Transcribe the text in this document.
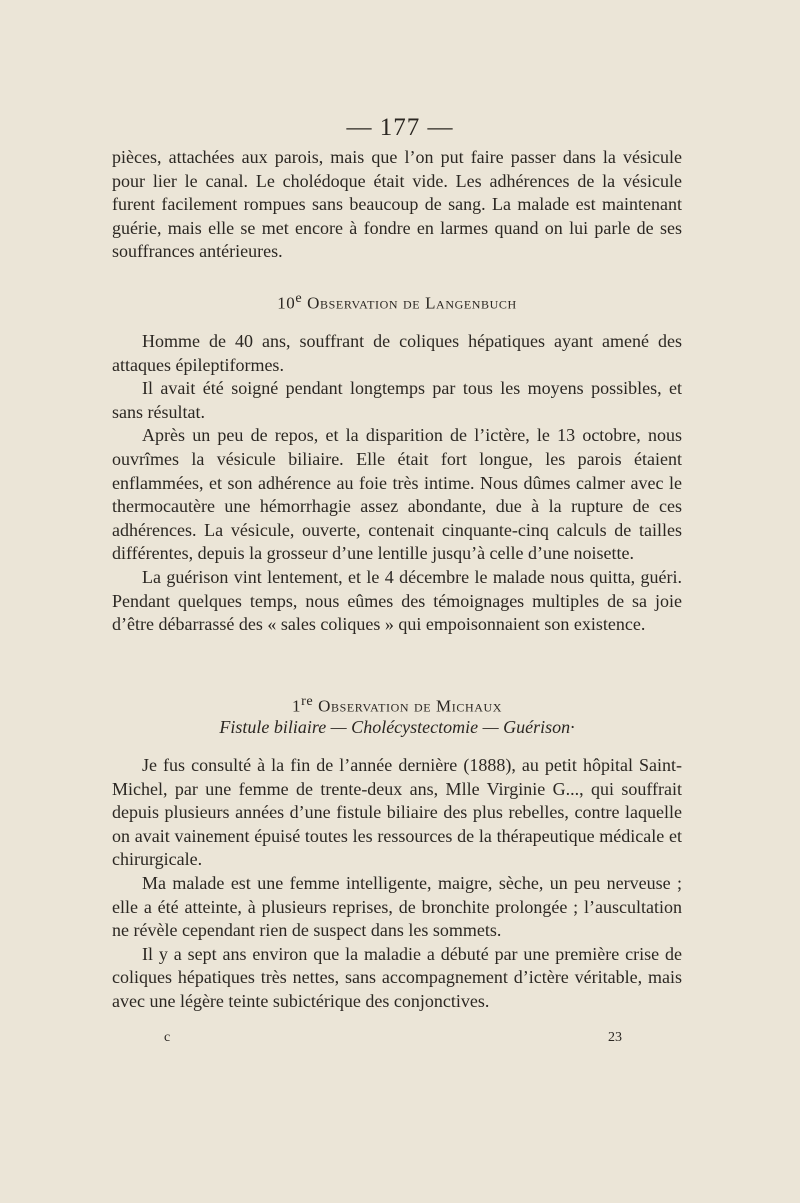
— 177 —

pièces, attachées aux parois, mais que l’on put faire passer dans la vésicule pour lier le canal. Le cholédoque était vide. Les adhérences de la vésicule furent facilement rompues sans beaucoup de sang. La malade est maintenant guérie, mais elle se met encore à fondre en larmes quand on lui parle de ses souffrances antérieures.

10e Observation de Langenbuch

Homme de 40 ans, souffrant de coliques hépatiques ayant amené des attaques épileptiformes.

Il avait été soigné pendant longtemps par tous les moyens possibles, et sans résultat.

Après un peu de repos, et la disparition de l’ictère, le 13 octobre, nous ouvrîmes la vésicule biliaire. Elle était fort longue, les parois étaient enflammées, et son adhérence au foie très intime. Nous dûmes calmer avec le thermocautère une hémorrhagie assez abondante, due à la rupture de ces adhérences. La vésicule, ouverte, contenait cinquante-cinq calculs de tailles différentes, depuis la grosseur d’une lentille jusqu’à celle d’une noisette.

La guérison vint lentement, et le 4 décembre le malade nous quitta, guéri. Pendant quelques temps, nous eûmes des témoignages multiples de sa joie d’être débarrassé des « sales coliques » qui empoisonnaient son existence.

1re Observation de Michaux
Fistule biliaire — Cholécystectomie — Guérison·

Je fus consulté à la fin de l’année dernière (1888), au petit hôpital Saint-Michel, par une femme de trente-deux ans, Mlle Virginie G..., qui souffrait depuis plusieurs années d’une fistule biliaire des plus rebelles, contre laquelle on avait vainement épuisé toutes les ressources de la thérapeutique médicale et chirurgicale.

Ma malade est une femme intelligente, maigre, sèche, un peu nerveuse ; elle a été atteinte, à plusieurs reprises, de bronchite prolongée ; l’auscultation ne révèle cependant rien de suspect dans les sommets.

Il y a sept ans environ que la maladie a débuté par une première crise de coliques hépatiques très nettes, sans accompagnement d’ictère véritable, mais avec une légère teinte subictérique des conjonctives.

c	23
